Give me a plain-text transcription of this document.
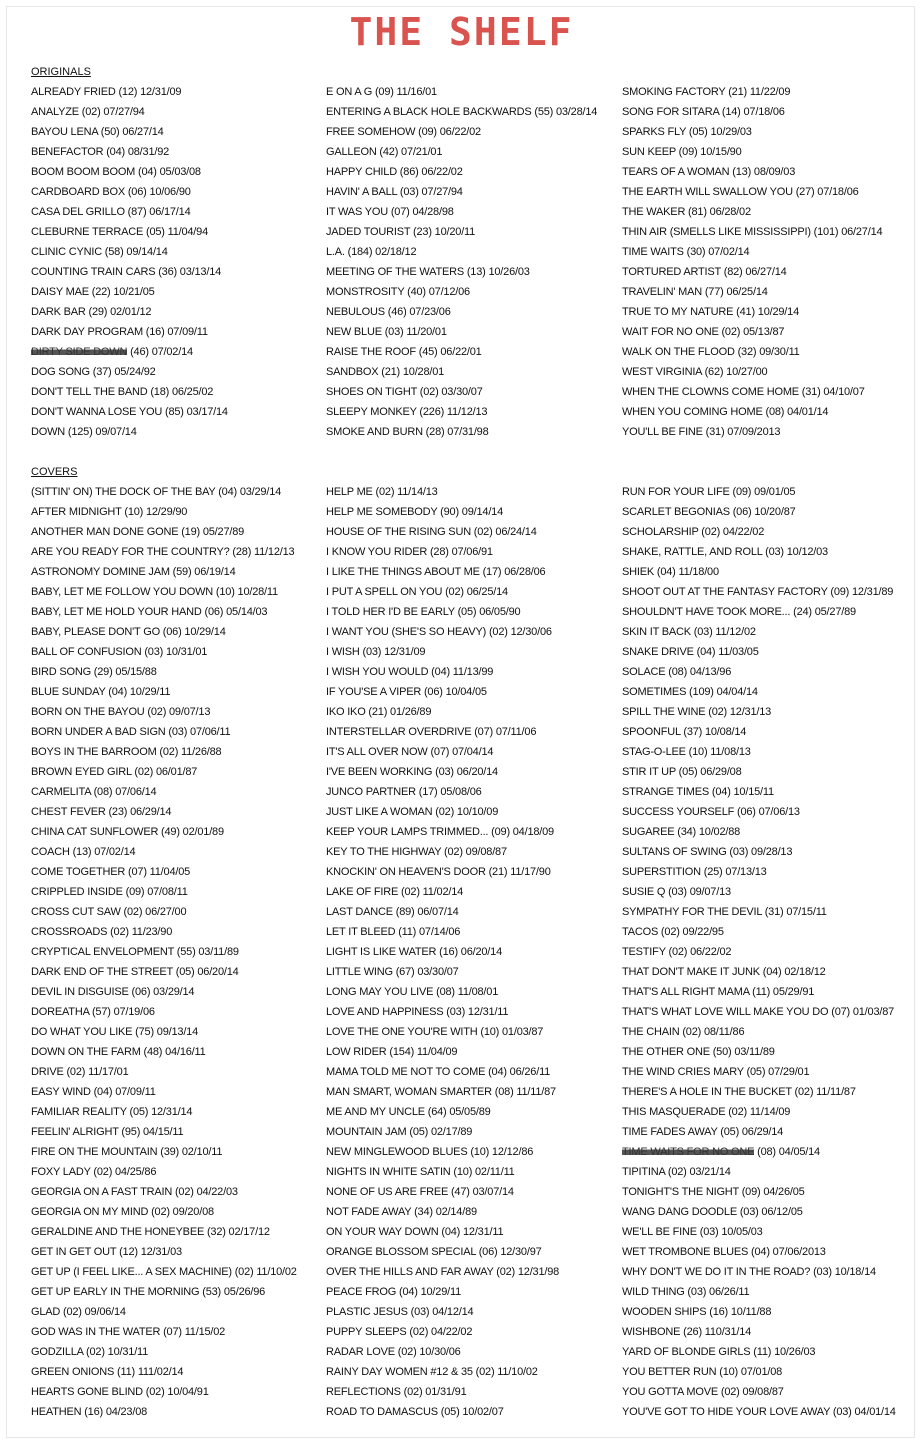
THE SHELF
ORIGINALS
ALREADY FRIED (12) 12/31/09
ANALYZE (02) 07/27/94
BAYOU LENA (50) 06/27/14
BENEFACTOR (04) 08/31/92
BOOM BOOM BOOM (04) 05/03/08
CARDBOARD BOX (06) 10/06/90
CASA DEL GRILLO (87) 06/17/14
CLEBURNE TERRACE (05) 11/04/94
CLINIC CYNIC (58) 09/14/14
COUNTING TRAIN CARS (36) 03/13/14
DAISY MAE (22) 10/21/05
DARK BAR (29) 02/01/12
DARK DAY PROGRAM (16) 07/09/11
DIRTY SIDE DOWN (46) 07/02/14
DOG SONG (37) 05/24/92
DON'T TELL THE BAND (18) 06/25/02
DON'T WANNA LOSE YOU (85) 03/17/14
DOWN (125) 09/07/14
E ON A G (09) 11/16/01
ENTERING A BLACK HOLE BACKWARDS (55) 03/28/14
FREE SOMEHOW (09) 06/22/02
GALLEON (42) 07/21/01
HAPPY CHILD (86) 06/22/02
HAVIN' A BALL (03) 07/27/94
IT WAS YOU (07) 04/28/98
JADED TOURIST (23) 10/20/11
L.A. (184) 02/18/12
MEETING OF THE WATERS (13) 10/26/03
MONSTROSITY (40) 07/12/06
NEBULOUS (46) 07/23/06
NEW BLUE (03) 11/20/01
RAISE THE ROOF (45) 06/22/01
SANDBOX (21) 10/28/01
SHOES ON TIGHT (02) 03/30/07
SLEEPY MONKEY (226) 11/12/13
SMOKE AND BURN (28) 07/31/98
SMOKING FACTORY (21) 11/22/09
SONG FOR SITARA (14) 07/18/06
SPARKS FLY (05) 10/29/03
SUN KEEP (09) 10/15/90
TEARS OF A WOMAN (13) 08/09/03
THE EARTH WILL SWALLOW YOU (27) 07/18/06
THE WAKER (81) 06/28/02
THIN AIR (SMELLS LIKE MISSISSIPPI) (101) 06/27/14
TIME WAITS (30) 07/02/14
TORTURED ARTIST (82) 06/27/14
TRAVELIN' MAN (77) 06/25/14
TRUE TO MY NATURE (41) 10/29/14
WAIT FOR NO ONE (02) 05/13/87
WALK ON THE FLOOD (32) 09/30/11
WEST VIRGINIA (62) 10/27/00
WHEN THE CLOWNS COME HOME (31) 04/10/07
WHEN YOU COMING HOME (08) 04/01/14
YOU'LL BE FINE (31) 07/09/2013
COVERS
(SITTIN' ON) THE DOCK OF THE BAY (04) 03/29/14
AFTER MIDNIGHT (10) 12/29/90
ANOTHER MAN DONE GONE (19) 05/27/89
ARE YOU READY FOR THE COUNTRY? (28) 11/12/13
ASTRONOMY DOMINE JAM (59) 06/19/14
BABY, LET ME FOLLOW YOU DOWN (10) 10/28/11
BABY, LET ME HOLD YOUR HAND (06) 05/14/03
BABY, PLEASE DON'T GO (06) 10/29/14
BALL OF CONFUSION (03) 10/31/01
BIRD SONG (29) 05/15/88
BLUE SUNDAY (04) 10/29/11
BORN ON THE BAYOU (02) 09/07/13
BORN UNDER A BAD SIGN (03) 07/06/11
BOYS IN THE BARROOM (02) 11/26/88
BROWN EYED GIRL (02) 06/01/87
CARMELITA (08) 07/06/14
CHEST FEVER (23) 06/29/14
CHINA CAT SUNFLOWER (49) 02/01/89
COACH (13) 07/02/14
COME TOGETHER (07) 11/04/05
CRIPPLED INSIDE (09) 07/08/11
CROSS CUT SAW (02) 06/27/00
CROSSROADS (02) 11/23/90
CRYPTICAL ENVELOPMENT (55) 03/11/89
DARK END OF THE STREET (05) 06/20/14
DEVIL IN DISGUISE (06) 03/29/14
DOREATHA (57) 07/19/06
DO WHAT YOU LIKE (75) 09/13/14
DOWN ON THE FARM (48) 04/16/11
DRIVE (02) 11/17/01
EASY WIND (04) 07/09/11
FAMILIAR REALITY (05) 12/31/14
FEELIN' ALRIGHT (95) 04/15/11
FIRE ON THE MOUNTAIN (39) 02/10/11
FOXY LADY (02) 04/25/86
GEORGIA ON A FAST TRAIN (02) 04/22/03
GEORGIA ON MY MIND (02) 09/20/08
GERALDINE AND THE HONEYBEE (32) 02/17/12
GET IN GET OUT (12) 12/31/03
GET UP (I FEEL LIKE... A SEX MACHINE) (02) 11/10/02
GET UP EARLY IN THE MORNING (53) 05/26/96
GLAD (02) 09/06/14
GOD WAS IN THE WATER (07) 11/15/02
GODZILLA (02) 10/31/11
GREEN ONIONS (11) 111/02/14
HEARTS GONE BLIND (02) 10/04/91
HEATHEN (16) 04/23/08
HELP ME (02) 11/14/13
HELP ME SOMEBODY (90) 09/14/14
HOUSE OF THE RISING SUN (02) 06/24/14
I KNOW YOU RIDER (28) 07/06/91
I LIKE THE THINGS ABOUT ME (17) 06/28/06
I PUT A SPELL ON YOU (02) 06/25/14
I TOLD HER I'D BE EARLY (05) 06/05/90
I WANT YOU (SHE'S SO HEAVY) (02) 12/30/06
I WISH (03) 12/31/09
I WISH YOU WOULD (04) 11/13/99
IF YOU'SE A VIPER (06) 10/04/05
IKO IKO (21) 01/26/89
INTERSTELLAR OVERDRIVE (07) 07/11/06
IT'S ALL OVER NOW (07) 07/04/14
I'VE BEEN WORKING (03) 06/20/14
JUNCO PARTNER (17) 05/08/06
JUST LIKE A WOMAN (02) 10/10/09
KEEP YOUR LAMPS TRIMMED... (09) 04/18/09
KEY TO THE HIGHWAY (02) 09/08/87
KNOCKIN' ON HEAVEN'S DOOR (21) 11/17/90
LAKE OF FIRE (02) 11/02/14
LAST DANCE (89) 06/07/14
LET IT BLEED (11) 07/14/06
LIGHT IS LIKE WATER (16) 06/20/14
LITTLE WING (67) 03/30/07
LONG MAY YOU LIVE (08) 11/08/01
LOVE AND HAPPINESS (03) 12/31/11
LOVE THE ONE YOU'RE WITH (10) 01/03/87
LOW RIDER (154) 11/04/09
MAMA TOLD ME NOT TO COME (04) 06/26/11
MAN SMART, WOMAN SMARTER (08) 11/11/87
ME AND MY UNCLE (64) 05/05/89
MOUNTAIN JAM (05) 02/17/89
NEW MINGLEWOOD BLUES (10) 12/12/86
NIGHTS IN WHITE SATIN (10) 02/11/11
NONE OF US ARE FREE (47) 03/07/14
NOT FADE AWAY (34) 02/14/89
ON YOUR WAY DOWN (04) 12/31/11
ORANGE BLOSSOM SPECIAL (06) 12/30/97
OVER THE HILLS AND FAR AWAY (02) 12/31/98
PEACE FROG (04) 10/29/11
PLASTIC JESUS (03) 04/12/14
PUPPY SLEEPS (02) 04/22/02
RADAR LOVE (02) 10/30/06
RAINY DAY WOMEN #12 & 35 (02) 11/10/02
REFLECTIONS (02) 01/31/91
ROAD TO DAMASCUS (05) 10/02/07
RUN FOR YOUR LIFE (09) 09/01/05
SCARLET BEGONIAS (06) 10/20/87
SCHOLARSHIP (02) 04/22/02
SHAKE, RATTLE, AND ROLL (03) 10/12/03
SHIEK (04) 11/18/00
SHOOT OUT AT THE FANTASY FACTORY (09) 12/31/89
SHOULDN'T HAVE TOOK MORE... (24) 05/27/89
SKIN IT BACK (03) 11/12/02
SNAKE DRIVE (04) 11/03/05
SOLACE (08) 04/13/96
SOMETIMES (109) 04/04/14
SPILL THE WINE (02) 12/31/13
SPOONFUL (37) 10/08/14
STAG-O-LEE (10) 11/08/13
STIR IT UP (05) 06/29/08
STRANGE TIMES (04) 10/15/11
SUCCESS YOURSELF (06) 07/06/13
SUGAREE (34) 10/02/88
SULTANS OF SWING (03) 09/28/13
SUPERSTITION (25) 07/13/13
SUSIE Q (03) 09/07/13
SYMPATHY FOR THE DEVIL (31) 07/15/11
TACOS (02) 09/22/95
TESTIFY (02) 06/22/02
THAT DON'T MAKE IT JUNK (04) 02/18/12
THAT'S ALL RIGHT MAMA (11) 05/29/91
THAT'S WHAT LOVE WILL MAKE YOU DO (07) 01/03/87
THE CHAIN (02) 08/11/86
THE OTHER ONE (50) 03/11/89
THE WIND CRIES MARY (05) 07/29/01
THERE'S A HOLE IN THE BUCKET (02) 11/11/87
THIS MASQUERADE (02) 11/14/09
TIME FADES AWAY (05) 06/29/14
TIME WAITS FOR NO ONE (08) 04/05/14
TIPITINA (02) 03/21/14
TONIGHT'S THE NIGHT (09) 04/26/05
WANG DANG DOODLE (03) 06/12/05
WE'LL BE FINE (03) 10/05/03
WET TROMBONE BLUES (04) 07/06/2013
WHY DON'T WE DO IT IN THE ROAD? (03) 10/18/14
WILD THING (03) 06/26/11
WOODEN SHIPS (16) 10/11/88
WISHBONE (26) 110/31/14
YARD OF BLONDE GIRLS (11) 10/26/03
YOU BETTER RUN (10) 07/01/08
YOU GOTTA MOVE (02) 09/08/87
YOU'VE GOT TO HIDE YOUR LOVE AWAY (03) 04/01/14
